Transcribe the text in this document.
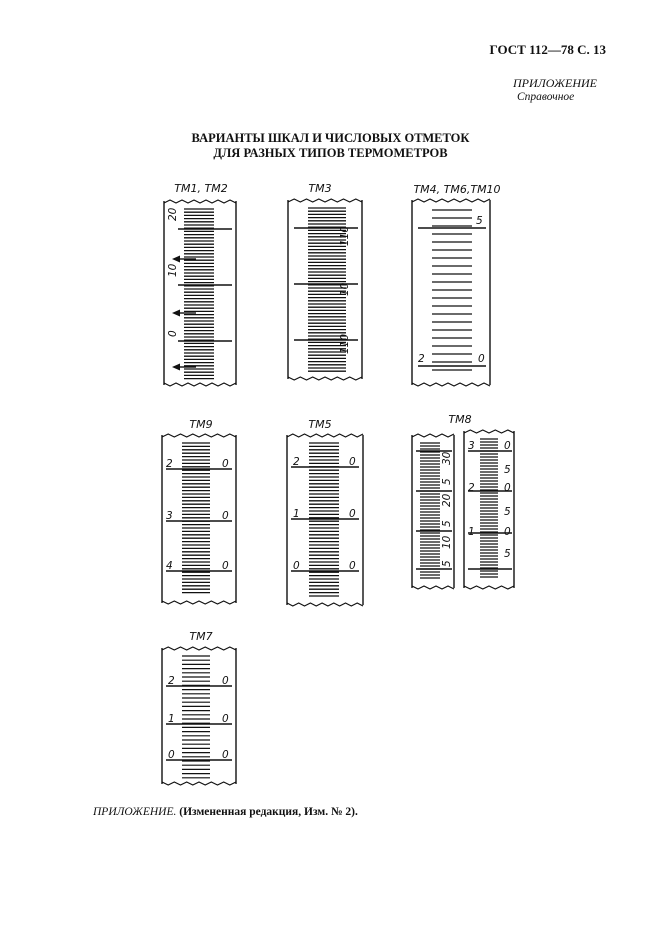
ГОСТ 112—78 С. 13
ПРИЛОЖЕНИЕ
Справочное
ВАРИАНТЫ ШКАЛ И ЧИСЛОВЫХ ОТМЕТОК
ДЛЯ РАЗНЫХ ТИПОВ ТЕРМОМЕТРОВ
ТМ1, ТМ2
20
10
0
ТМ3
110
10
110
ТМ4, ТМ6,ТМ10
5
2	0
ТМ9
2	0
3	0
4	0
ТМ5
2	0
1	0
0	0
ТМ8
30
5
20
5
10
5
3	0
5
2	0
5
1	0
5
ТМ7
2	0
1	0
0	0
ПРИЛОЖЕНИЕ. (Измененная редакция, Изм. № 2).
